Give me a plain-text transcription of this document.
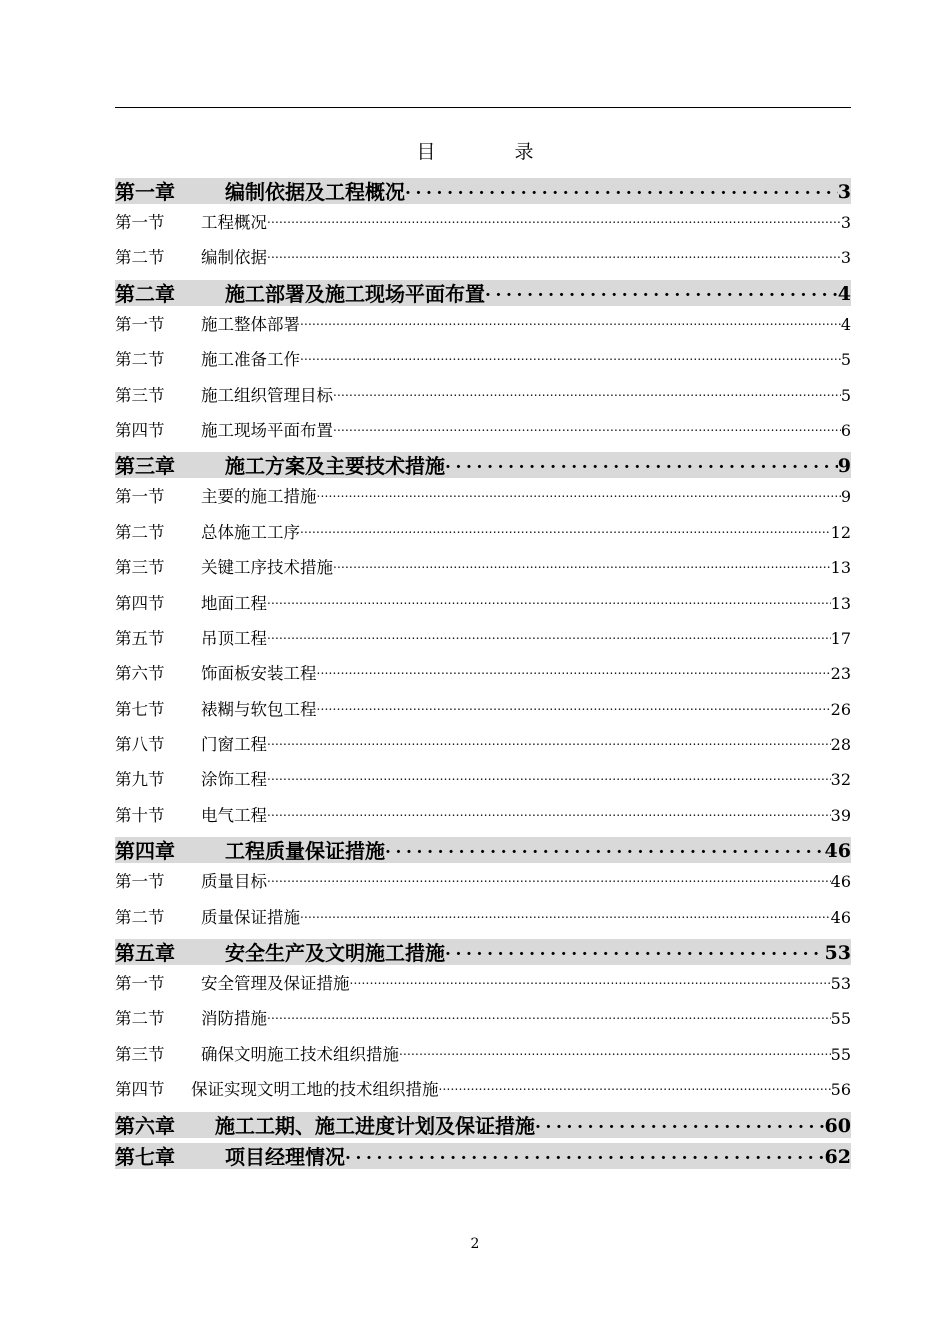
目　录
第一章	编制依据及工程概况 .....	3
第一节	工程概况 .....	3
第二节	编制依据 .....	3
第二章	施工部署及施工现场平面布置 .....	4
第一节	施工整体部署 .....	4
第二节	施工准备工作 .....	5
第三节	施工组织管理目标 .....	5
第四节	施工现场平面布置 .....	6
第三章	施工方案及主要技术措施 .....	9
第一节	主要的施工措施 .....	9
第二节	总体施工工序 .....	12
第三节	关键工序技术措施 .....	13
第四节	地面工程 .....	13
第五节	吊顶工程 .....	17
第六节	饰面板安装工程 .....	23
第七节	裱糊与软包工程 .....	26
第八节	门窗工程 .....	28
第九节	涂饰工程 .....	32
第十节	电气工程 .....	39
第四章	工程质量保证措施 .....	46
第一节	质量目标 .....	46
第二节	质量保证措施 .....	46
第五章	安全生产及文明施工措施 .....	53
第一节	安全管理及保证措施 .....	53
第二节	消防措施 .....	55
第三节	确保文明施工技术组织措施 .....	55
第四节	保证实现文明工地的技术组织措施 .....	56
第六章	施工工期、施工进度计划及保证措施 .....	60
第七章	项目经理情况 .....	62
2
